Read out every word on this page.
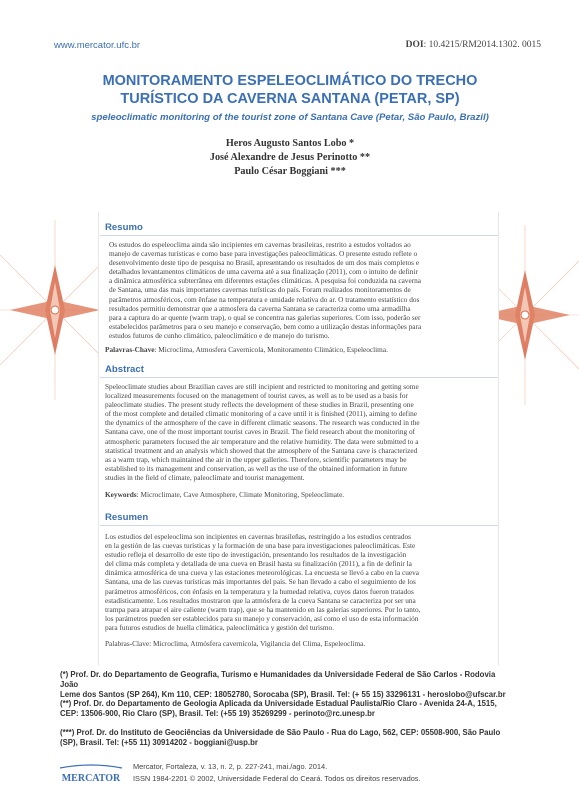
www.mercator.ufc.br	DOI: 10.4215/RM2014.1302. 0015
MONITORAMENTO ESPELEOCLIMÁTICO DO TRECHO
TURÍSTICO DA CAVERNA SANTANA (PETAR, SP)
speleoclimatic monitoring of the tourist zone of Santana Cave (Petar, São Paulo, Brazil)
Heros Augusto Santos Lobo *
José Alexandre de Jesus Perinotto **
Paulo César Boggiani ***
Resumo
Os estudos do espeleoclima ainda são incipientes em cavernas brasileiras, restrito a estudos voltados ao
manejo de cavernas turísticas e como base para investigações paleoclimáticas. O presente estudo reflete o
desenvolvimento deste tipo de pesquisa no Brasil, apresentando os resultados de um dos mais completos e
detalhados levantamentos climáticos de uma caverna até a sua finalização (2011), com o intuito de definir
a dinâmica atmosférica subterrânea em diferentes estações climáticas. A pesquisa foi conduzida na caverna
de Santana, uma das mais importantes cavernas turísticas do país. Foram realizados monitoramentos de
parâmetros atmosféricos, com ênfase na temperatura e umidade relativa do ar. O tratamento estatístico dos
resultados permitiu demonstrar que a atmosfera da caverna Santana se caracteriza como uma armadilha
para a captura do ar quente (warm trap), o qual se concentra nas galerias superiores. Com isso, poderão ser
estabelecidos parâmetros para o seu manejo e conservação, bem como a utilização destas informações para
estudos futuros de cunho climático, paleoclimático e de manejo do turismo.
Palavras-Chave: Microclima, Atmosfera Cavernícola, Monitoramento Climático, Espeleoclima.
Abstract
Speleoclimate studies about Brazilian caves are still incipient and restricted to monitoring and getting some
localized measurements focused on the management of tourist caves, as well as to be used as a basis for
paleoclimate studies. The present study reflects the development of these studies in Brazil, presenting one
of the most complete and detailed climatic monitoring of a cave until it is finished (2011), aiming to define
the dynamics of the atmosphere of the cave in different climatic seasons. The research was conducted in the
Santana cave, one of the most important tourist caves in Brazil. The field research about the monitoring of
atmospheric parameters focused the air temperature and the relative humidity. The data were submitted to a
statistical treatment and an analysis which showed that the atmosphere of the Santana cave is characterized
as a warm trap, which maintained the air in the upper galleries. Therefore, scientific parameters may be
established to its management and conservation, as well as the use of the obtained information in future
studies in the field of climate, paleoclimate and tourist management.
Keywords: Microclimate, Cave Atmosphere, Climate Monitoring, Speleoclimate.
Resumen
Los estudios del espeleoclima son incipientes en cavernas brasileñas, restringido a los estudios centrados
en la gestión de las cuevas turísticas y la formación de una base para investigaciones paleoclimáticas. Este
estudio refleja el desarrollo de este tipo de investigación, presentando los resultados de la investigación
del clima más completa y detallada de una cueva en Brasil hasta su finalización (2011), a fin de definir la
dinámica atmosférica de una cueva y las estaciones meteorológicas. La encuesta se llevó a cabo en la cueva
Santana, una de las cuevas turísticas más importantes del país. Se han llevado a cabo el seguimiento de los
parámetros atmosféricos, con énfasis en la temperatura y la humedad relativa, cuyos datos fueron tratados
estadísticamente. Los resultados mostraron que la atmósfera de la cueva Santana se caracteriza por ser una
trampa para atrapar el aire caliente (warm trap), que se ha mantenido en las galerías superiores. Por lo tanto,
los parámetros pueden ser establecidos para su manejo y conservación, así como el uso de esta información
para futuros estudios de huella climática, paleoclimática y gestión del turismo.
Palabras-Clave: Microclima, Atmósfera cavernícola, Vigilancia del Clima, Espeleoclima.
(*) Prof. Dr. do Departamento de Geografia, Turismo e Humanidades da Universidade Federal de São Carlos - Rodovia João
Leme dos Santos (SP 264), Km 110, CEP: 18052780, Sorocaba (SP), Brasil. Tel: (+ 55 15) 33296131 - heroslobo@ufscar.br
(**) Prof. Dr. do Departamento de Geologia Aplicada da Universidade Estadual Paulista/Rio Claro - Avenida 24-A, 1515,
CEP: 13506-900, Rio Claro (SP), Brasil. Tel: (+55 19) 35269299 - perinoto@rc.unesp.br
(***) Prof. Dr. do Instituto de Geociências da Universidade de São Paulo - Rua do Lago, 562, CEP: 05508-900, São Paulo
(SP), Brasil. Tel: (+55 11) 30914202 - boggiani@usp.br
MERCATOR
Mercator, Fortaleza, v. 13, n. 2, p. 227-241, mai./ago. 2014.
ISSN 1984-2201 © 2002, Universidade Federal do Ceará. Todos os direitos reservados.
